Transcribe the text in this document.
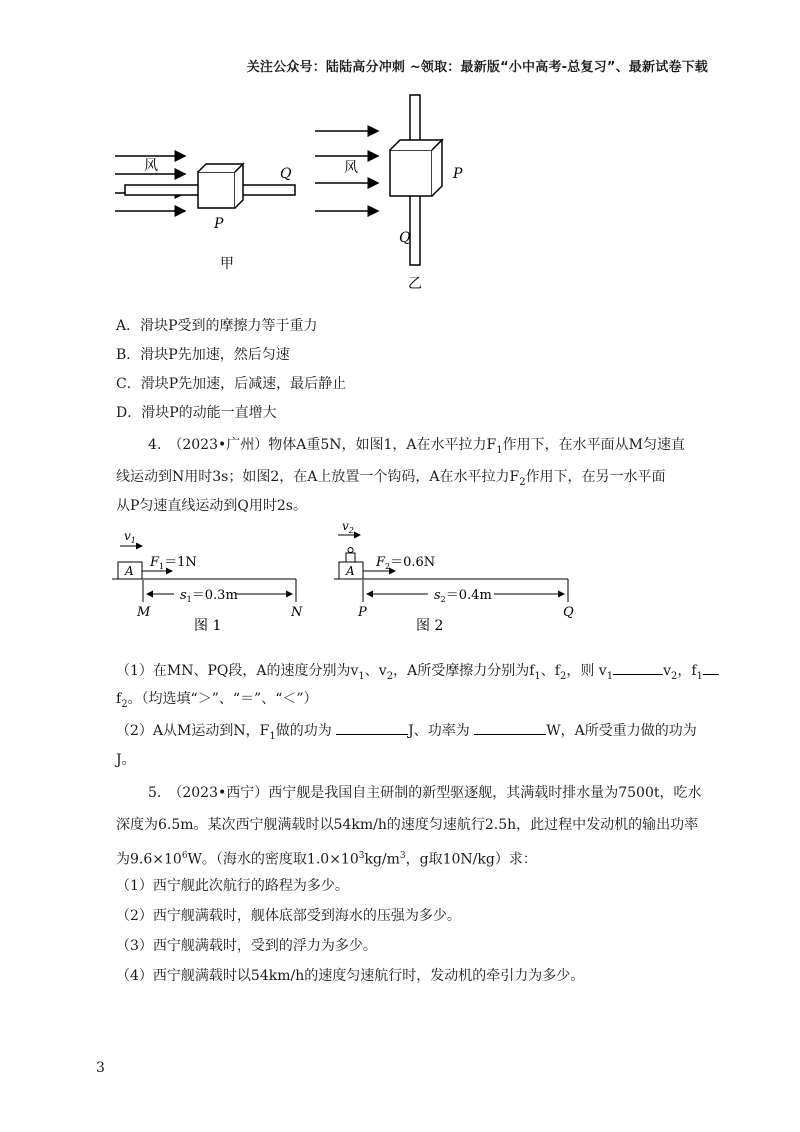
关注公众号：陆陆高分冲刺 ~领取：最新版“小中高考-总复习”、最新试卷下载
风	Q
P
甲
风	P
Q
乙
A．滑块P受到的摩擦力等于重力
B．滑块P先加速，然后匀速
C．滑块P先加速，后减速，最后静止
D．滑块P的动能一直增大
4.　（2023•广州）物体A重5N，如图1，A在水平拉力$F_1$作用下，在水平面从M匀速直
线运动到N用时3s；如图2，在A上放置一个钩码，A在水平拉力$F_2$作用下，在另一水平面
从P匀速直线运动到Q用时2s。
$v_1$
A
$F_1=1N$
$s_1=0.3m$
M	N
图 1
$v_2$
A
$F_2=0.6N$
$s_2=0.4m$
P	Q
图 2
（1）在MN、PQ段，A的速度分别为$v_1$、$v_2$，A所受摩擦力分别为$f_1$、$f_2$，则 $v_1$	$v_2$，$f_1$
$f_2$。（均选填“＞”、“＝”、“＜”）
（2）A从M运动到N，$F_1$做的功为	J、功率为	W，A所受重力做的功为
J。
5.　（2023•西宁）西宁舰是我国自主研制的新型驱逐舰，其满载时排水量为7500t，吃水
深度为6.5m。某次西宁舰满载时以54km/h的速度匀速航行2.5h，此过程中发动机的输出功率
为$9.6\times 10^6W$。（海水的密度取$1.0\times 10^3kg/m^3$，g取10N/kg）求：
（1）西宁舰此次航行的路程为多少。
（2）西宁舰满载时，舰体底部受到海水的压强为多少。
（3）西宁舰满载时，受到的浮力为多少。
（4）西宁舰满载时以54km/h的速度匀速航行时，发动机的牵引力为多少。
3
